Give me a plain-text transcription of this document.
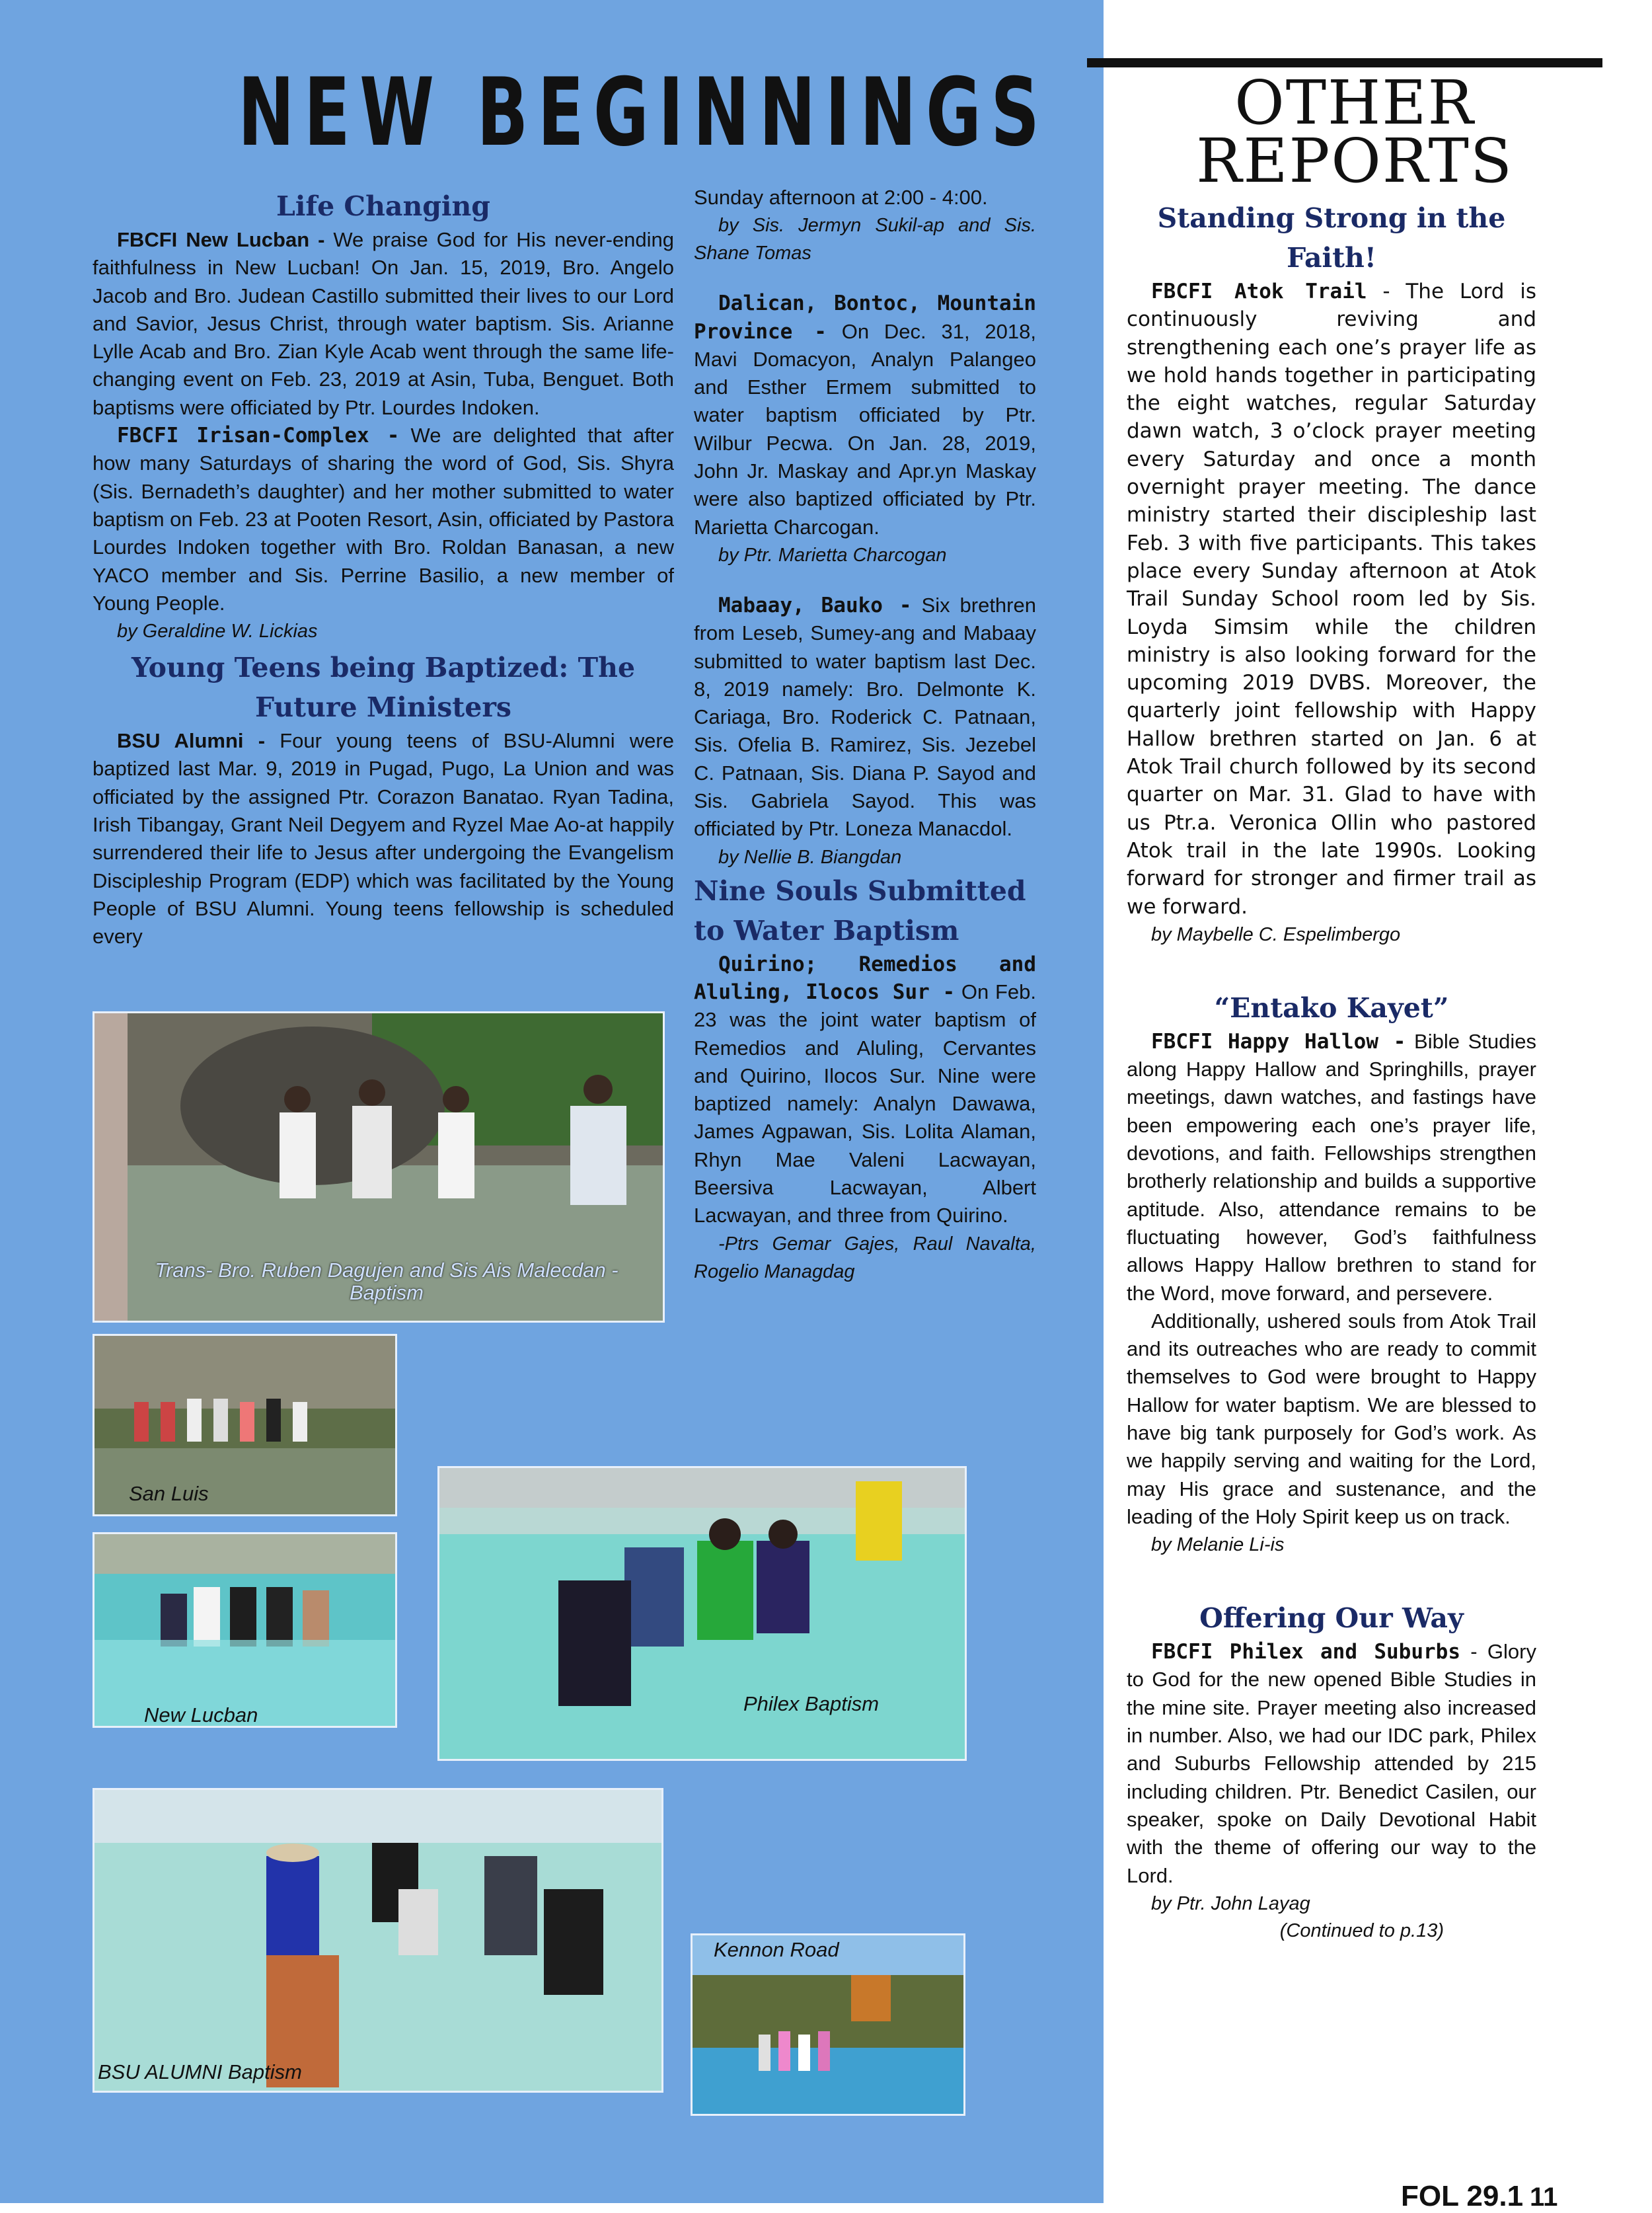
NEW BEGINNINGS
Life Changing

FBCFI New Lucban - We praise God for His never-ending faithfulness in New Lucban! On Jan. 15, 2019, Bro. Angelo Jacob and Bro. Judean Castillo submitted their lives to our Lord and Savior, Jesus Christ, through water baptism. Sis. Arianne Lylle Acab and Bro. Zian Kyle Acab went through the same life-changing event on Feb. 23, 2019 at Asin, Tuba, Benguet. Both baptisms were officiated by Ptr. Lourdes Indoken.

FBCFI Irisan-Complex - We are delighted that after how many Saturdays of sharing the word of God, Sis. Shyra (Sis. Bernadeth’s daughter) and her mother submitted to water baptism on Feb. 23 at Pooten Resort, Asin, officiated by Pastora Lourdes Indoken together with Bro. Roldan Banasan, a new YACO member and Sis. Perrine Basilio, a new member of Young People.

by Geraldine W. Lickias
Young Teens being Baptized: The Future Ministers

BSU Alumni - Four young teens of BSU-Alumni were baptized last Mar. 9, 2019 in Pugad, Pugo, La Union and was officiated by the assigned Ptr. Corazon Banatao. Ryan Tadina, Irish Tibangay, Grant Neil Degyem and Ryzel Mae Ao-at happily surrendered their life to Jesus after undergoing the Evangelism Discipleship Program (EDP) which was facilitated by the Young People of BSU Alumni. Young teens fellowship is scheduled every

Sunday afternoon at 2:00 - 4:00.
by Sis. Jermyn Sukil-ap and Sis. Shane Tomas

Dalican, Bontoc, Mountain Province - On Dec. 31, 2018, Mavi Domacyon, Analyn Palangeo and Esther Ermem submitted to water baptism officiated by Ptr. Wilbur Pecwa. On Jan. 28, 2019, John Jr. Maskay and Apr.yn Maskay were also baptized officiated by Ptr. Marietta Charcogan.

by Ptr. Marietta Charcogan

Mabaay, Bauko - Six brethren from Leseb, Sumey-ang and Mabaay submitted to water baptism last Dec. 8, 2019 namely: Bro. Delmonte K. Cariaga, Bro. Roderick C. Patnaan, Sis. Ofelia B. Ramirez, Sis. Jezebel C. Patnaan, Sis. Diana P. Sayod and Sis. Gabriela Sayod. This was officiated by Ptr. Loneza Manacdol.

by Nellie B. Biangdan
Nine Souls Submitted to Water Baptism

Quirino; Remedios and Aluling, Ilocos Sur - On Feb. 23 was the joint water baptism of Remedios and Aluling, Cervantes and Quirino, Ilocos Sur. Nine were baptized namely: Analyn Dawawa, James Agpawan, Sis. Lolita Alaman, Rhyn Mae Valeni Lacwayan, Beersiva Lacwayan, Albert Lacwayan, and three from Quirino.

-Ptrs Gemar Gajes, Raul Navalta, Rogelio Managdag
OTHER
REPORTS
Standing Strong in the Faith!

FBCFI Atok Trail - The Lord is continuously reviving and strengthening each one’s prayer life as we hold hands together in participating the eight watches, regular Saturday dawn watch, 3 o’clock prayer meeting every Saturday and once a month overnight prayer meeting. The dance ministry started their discipleship last Feb. 3 with five participants. This takes place every Sunday afternoon at Atok Trail Sunday School room led by Sis. Loyda Simsim while the children ministry is also looking forward for the upcoming 2019 DVBS. Moreover, the quarterly joint fellowship with Happy Hallow brethren started on Jan. 6 at Atok Trail church followed by its second quarter on Mar. 31. Glad to have with us Ptr.a. Veronica Ollin who pastored Atok trail in the late 1990s. Looking forward for stronger and firmer trail as we forward.

by Maybelle C. Espelimbergo
“Entako Kayet”

FBCFI Happy Hallow - Bible Studies along Happy Hallow and Springhills, prayer meetings, dawn watches, and fastings have been empowering each one’s prayer life, devotions, and faith. Fellowships strengthen brotherly relationship and builds a supportive aptitude. Also, attendance remains to be fluctuating however, God’s faithfulness allows Happy Hallow brethren to stand for the Word, move forward, and persevere.

Additionally, ushered souls from Atok Trail and its outreaches who are ready to commit themselves to God were brought to Happy Hallow for water baptism. We are blessed to have big tank purposely for God’s work. As we happily serving and waiting for the Lord, may His grace and sustenance, and the leading of the Holy Spirit keep us on track.

by Melanie Li-is
Offering Our Way

FBCFI Philex and Suburbs - Glory to God for the new opened Bible Studies in the mine site. Prayer meeting also increased in number. Also, we had our IDC park, Philex and Suburbs Fellowship attended by 215 including children. Ptr. Benedict Casilen, our speaker, spoke on Daily Devotional Habit with the theme of offering our way to the Lord.

by Ptr. John Layag
(Continued to p.13)
Trans- Bro. Ruben Dagujen and Sis Ais Malecdan - Baptism
San Luis
New Lucban	Philex Baptism
BSU ALUMNI Baptism
Kennon Road
FOL 29.1 11
